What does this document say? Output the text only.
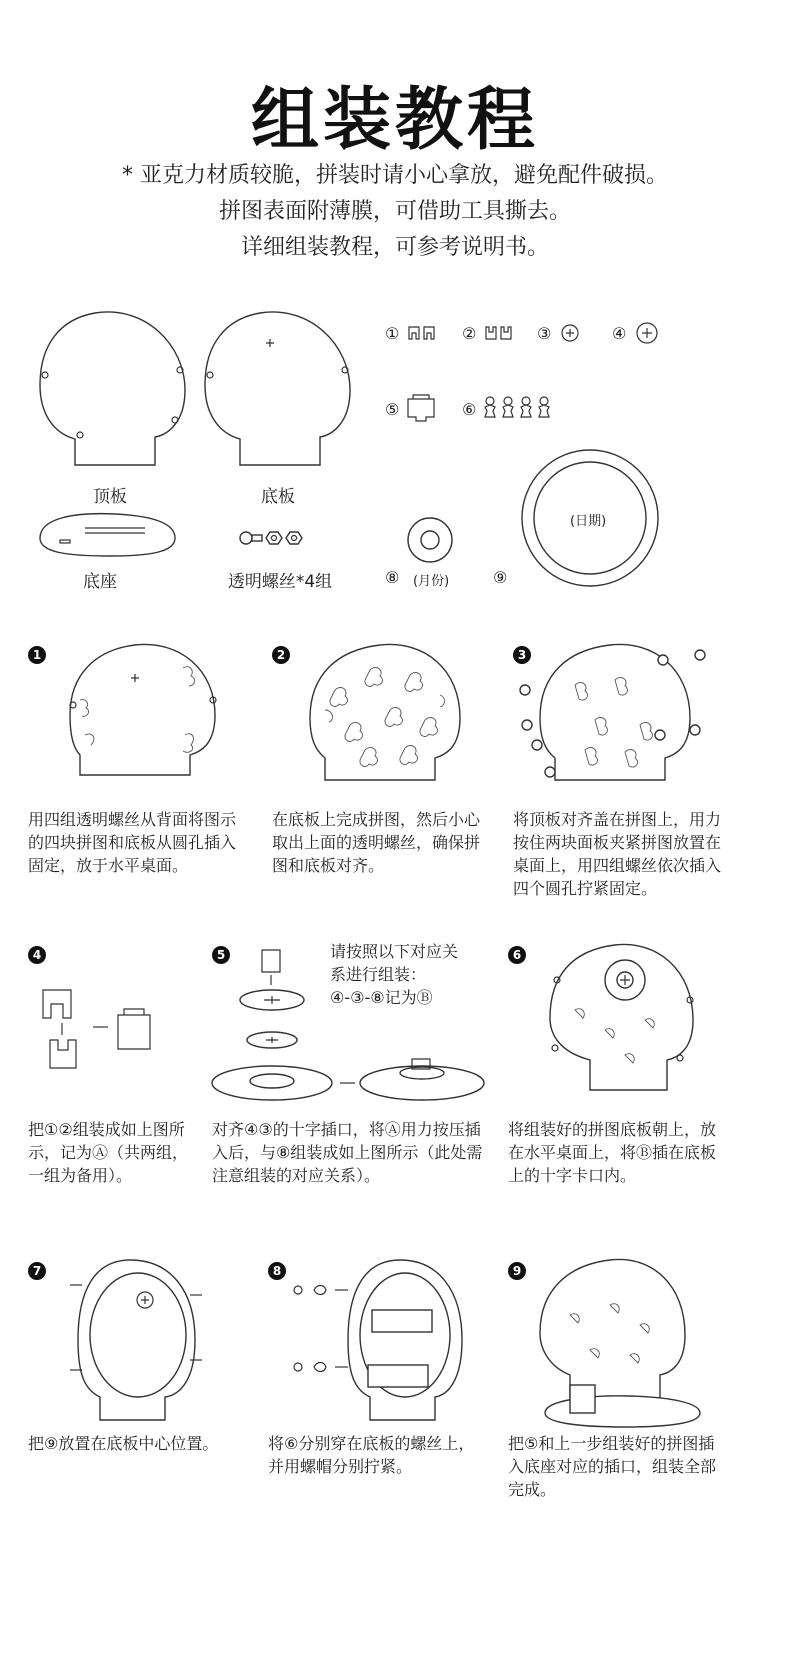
组装教程
* 亚克力材质较脆，拼装时请小心拿放，避免配件破损。
拼图表面附薄膜，可借助工具撕去。
详细组装教程，可参考说明书。
顶板	底板
底座	透明螺丝*4组
①	②	③	④
⑤	⑥
⑧ (月份)
(日期)
⑨
1
用四组透明螺丝从背面将图示的四块拼图和底板从圆孔插入固定，放于水平桌面。
2
在底板上完成拼图，然后小心取出上面的透明螺丝，确保拼图和底板对齐。
3
将顶板对齐盖在拼图上，用力按住两块面板夹紧拼图放置在桌面上，用四组螺丝依次插入四个圆孔拧紧固定。
4
把①②组装成如上图所示，记为Ⓐ（共两组，一组为备用）。
5	请按照以下对应关
系进行组装：
④-③-⑧记为Ⓑ
对齐④③的十字插口，将Ⓐ用力按压插入后，与⑧组装成如上图所示（此处需注意组装的对应关系）。
6
将组装好的拼图底板朝上，放在水平桌面上，将Ⓑ插在底板上的十字卡口内。
7
把⑨放置在底板中心位置。
8
将⑥分别穿在底板的螺丝上，并用螺帽分别拧紧。
9
把⑤和上一步组装好的拼图插入底座对应的插口，组装全部完成。
